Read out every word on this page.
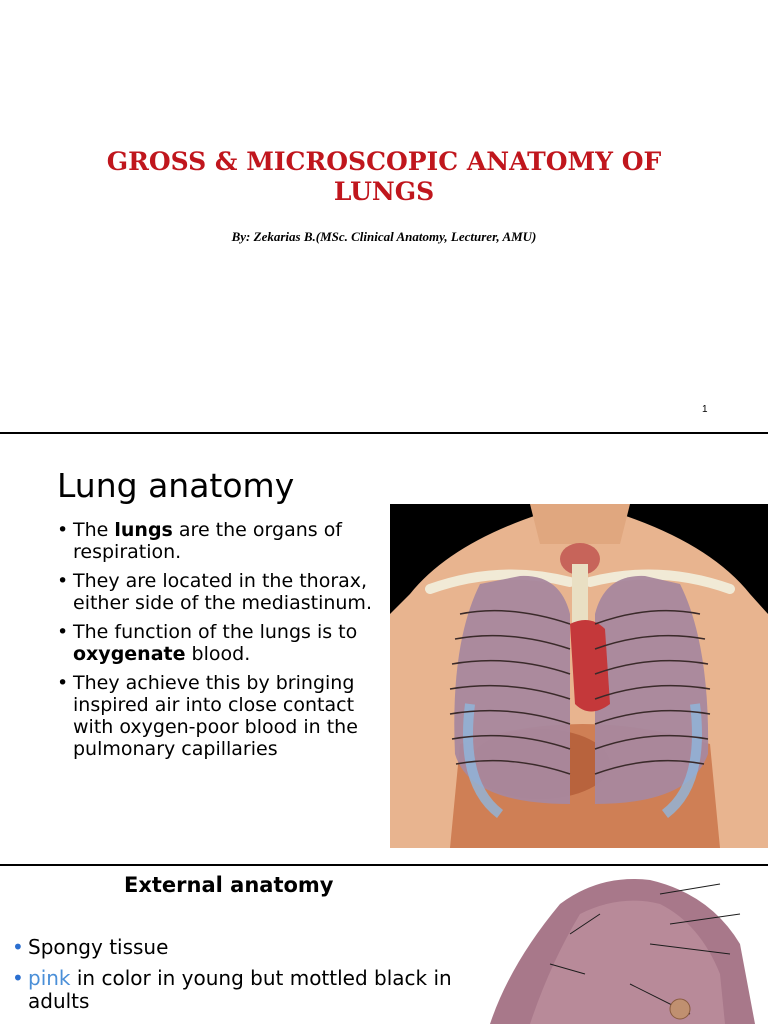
GROSS & MICROSCOPIC ANATOMY OF
LUNGS
By: Zekarias B.(MSc. Clinical Anatomy, Lecturer, AMU)
1
Lung anatomy
• The lungs are the organs of respiration.
• They are located in the thorax, either side of the mediastinum.
• The function of the lungs is to oxygenate blood.
• They achieve this by bringing inspired air into close contact with oxygen-poor blood in the pulmonary capillaries
External anatomy
• Spongy tissue
• pink in color in young but mottled black in adults
